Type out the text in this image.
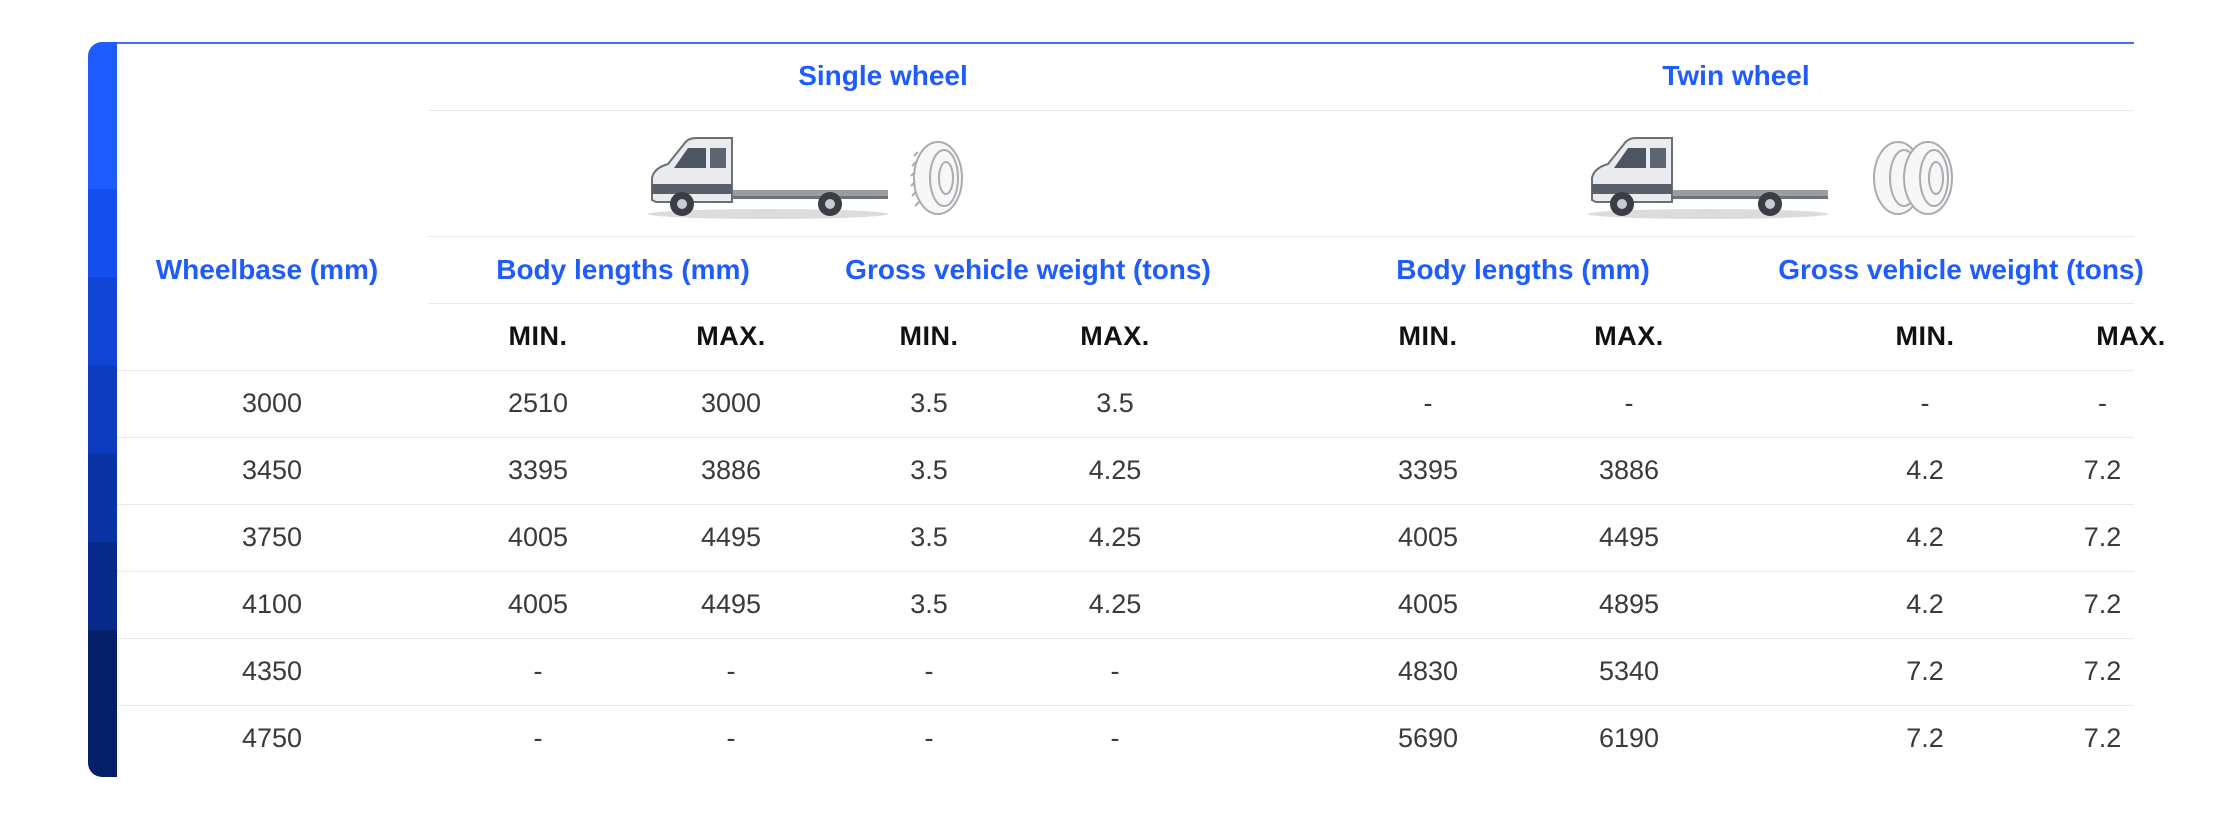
Single wheel	Twin wheel
Wheelbase (mm)	Body lengths (mm)	Gross vehicle weight (tons)	Body lengths (mm)	Gross vehicle weight (tons)
MIN.	MAX.	MIN.	MAX.	MIN.	MAX.	MIN.	MAX.
3000	2510	3000	3.5	3.5	-	-	-	-
3450	3395	3886	3.5	4.25	3395	3886	4.2	7.2
3750	4005	4495	3.5	4.25	4005	4495	4.2	7.2
4100	4005	4495	3.5	4.25	4005	4895	4.2	7.2
4350	-	-	-	-	4830	5340	7.2	7.2
4750	-	-	-	-	5690	6190	7.2	7.2
